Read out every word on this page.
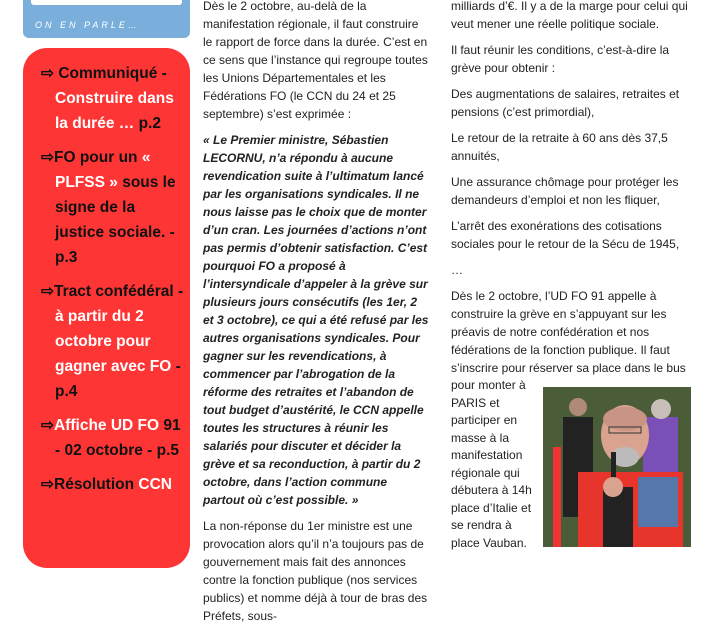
ON EN PARLE…
⇨ Communiqué - Construire dans la durée … p.2
⇨FO pour un « PLFSS » sous le signe de la justice sociale. - p.3
⇨Tract confédéral - à partir du 2 octobre pour gagner avec FO - p.4
⇨Affiche UD FO 91 - 02 octobre - p.5
⇨Résolution CCN

Dès le 2 octobre, au-delà de la manifestation régionale, il faut construire le rapport de force dans la durée. C’est en ce sens que l’instance qui regroupe toutes les Unions Départementales et les Fédérations FO (le CCN du 24 et 25 septembre) s’est exprimée :

« Le Premier ministre, Sébastien LECORNU, n’a répondu à aucune revendication suite à l’ultimatum lancé par les organisations syndicales. Il ne nous laisse pas le choix que de monter d’un cran. Les journées d’actions n’ont pas permis d’obtenir satisfaction. C’est pourquoi FO a proposé à l’intersyndicale d’appeler à la grève sur plusieurs jours consécutifs (les 1er, 2 et 3 octobre), ce qui a été refusé par les autres organisations syndicales. Pour gagner sur les revendications, à commencer par l’abrogation de la réforme des retraites et l’abandon de tout budget d’austérité, le CCN appelle toutes les structures à réunir les salariés pour discuter et décider la grève et sa reconduction, à partir du 2 octobre, dans l’action commune partout où c’est possible. »

La non-réponse du 1er ministre est une provocation alors qu’il n’a toujours pas de gouvernement mais fait des annonces contre la fonction publique (nos services publics) et nomme déjà à tour de bras des Préfets, sous-

milliards d’€. Il y a de la marge pour celui qui veut mener une réelle politique sociale.

Il faut réunir les conditions, c’est-à-dire la grève pour obtenir :

Des augmentations de salaires, retraites et pensions (c’est primordial),

Le retour de la retraite à 60 ans dès 37,5 annuités,

Une assurance chômage pour protéger les demandeurs d’emploi et non les fliquer,

L’arrêt des exonérations des cotisations sociales pour le retour de la Sécu de 1945,

…

Dès le 2 octobre, l’UD FO 91 appelle à construire la grève en s’appuyant sur les préavis de notre confédération et nos fédérations de la fonction publique. Il faut s’inscrire pour réserver sa place dans le bus

pour monter à PARIS et participer en masse à la manifestation régionale qui débutera à 14h place d’Italie et se rendra à place Vauban.
